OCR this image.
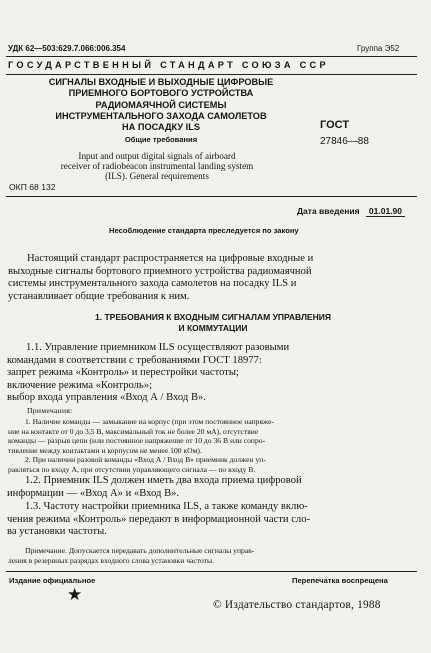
УДК 62—503:629.7.066:006.354	Группа Э52
ГОСУДАРСТВЕННЫЙ СТАНДАРТ СОЮЗА ССР
СИГНАЛЫ ВХОДНЫЕ И ВЫХОДНЫЕ ЦИФРОВЫЕ
ПРИЕМНОГО БОРТОВОГО УСТРОЙСТВА
РАДИОМАЯЧНОЙ СИСТЕМЫ
ИНСТРУМЕНТАЛЬНОГО ЗАХОДА САМОЛЕТОВ
НА ПОСАДКУ ILS
Общие требования
ГОСТ
27846—88
Input and output digital signals of airboard
receiver of radiobeacon instrumental landing system
(ILS). General requirements
ОКП 68 132
Дата введения 01.01.90
Несоблюдение стандарта преследуется по закону
Настоящий стандарт распространяется на цифровые входные и
выходные сигналы бортового приемного устройства радиомаячной
системы инструментального захода самолетов на посадку ILS и
устанавливает общие требования к ним.
1. ТРЕБОВАНИЯ К ВХОДНЫМ СИГНАЛАМ УПРАВЛЕНИЯ
И КОММУТАЦИИ
1.1. Управление приемником ILS осуществляют разовыми
командами в соответствии с требованиями ГОСТ 18977:
запрет режима «Контроль» и перестройки частоты;
включение режима «Контроль»;
выбор входа управления «Вход А / Вход В».
Примечания:
1. Наличие команды — замыкание на корпус (при этом постоянное напряже-
ние на контакте от 0 до 3,5 В, максимальный ток не более 20 мА), отсутствие
команды — разрыв цепи (или постоянное напряжение от 10 до 36 В или сопро-
тивление между контактами и корпусом не менее 100 кОм).
2. При наличии разовой команды «Вход А / Вход В» приемник должен уп-
равляться по входу А, при отсутствии управляющего сигнала — по входу В.
1.2. Приемник ILS должен иметь два входа приема цифровой
информации — «Вход А» и «Вход В».
1.3. Частоту настройки приемника ILS, а также команду вклю-
чения режима «Контроль» передают в информационной части сло-
ва установки частоты.
Примечание. Допускается передавать дополнительные сигналы управ-
ления в резервных разрядах входного слова установки частоты.
Издание официальное	Перепечатка воспрещена
★
© Издательство стандартов, 1988
